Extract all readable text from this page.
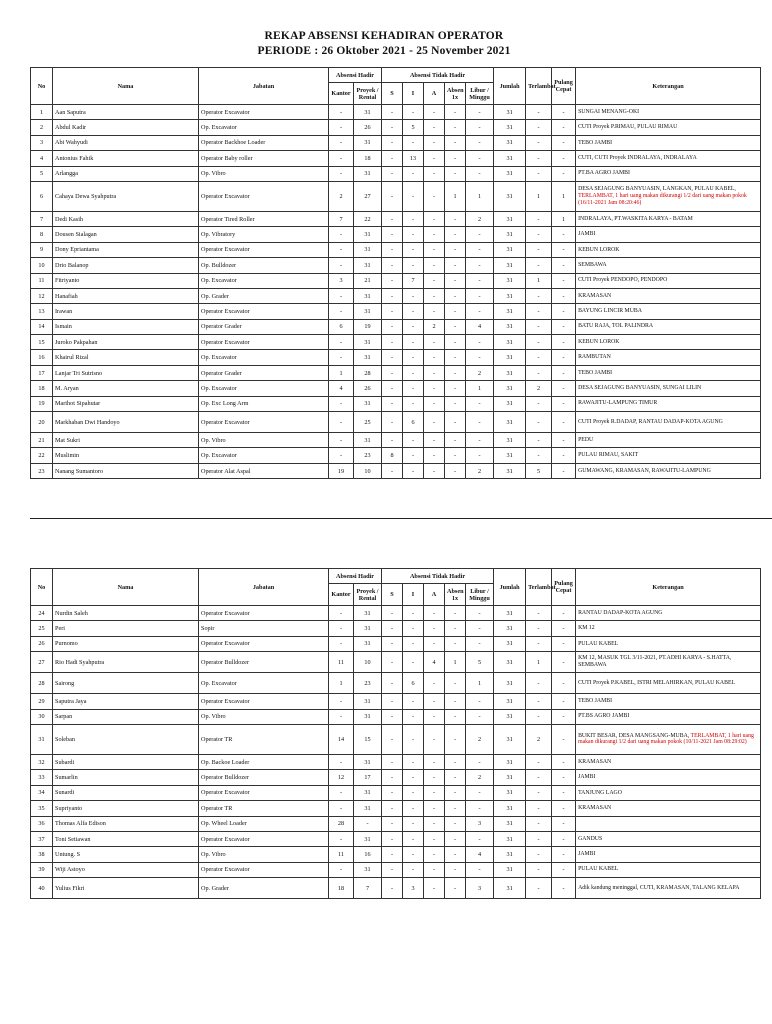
REKAP ABSENSI KEHADIRAN OPERATOR
PERIODE : 26 Oktober 2021 - 25 November 2021
No	Nama	Jabatan	Absensi Hadir		Absensi Tidak Hadir					Jumlah	Terlambat	Pulang Cepat	Keterangan
			Kantor	Proyek / Rental	S	I	A	Absen 1x	Libur / Minggu				
1	Aan Saputra	Operator Excavator	-	31	-	-	-	-	-	31	-	-	SUNGAI MENANG-OKI
2	Abdul Kadir	Op. Excavator	-	26	-	5	-	-	-	31	-	-	CUTI Proyek P.RIMAU, PULAU RIMAU
3	Abi Wahyudi	Operator Backhoe Loader	-	31	-	-	-	-	-	31	-	-	TEBO JAMBI
4	Antonius Fahik	Operator Baby roller	-	18	-	13	-	-	-	31	-	-	CUTI, CUTI Proyek INDRALAYA, INDRALAYA
5	Arlangga	Op. Vibro	-	31	-	-	-	-	-	31	-	-	PT.BA AGRO JAMBI
6	Cahaya Dewa Syahputra	Operator Excavator	2	27	-	-	-	1	1	31	1	1	DESA SEJAGUNG BANYUASIN, LANGKAN, PULAU KABEL, TERLAMBAT, 1 hari uang makan dikurangi 1/2 dari uang makan pokok (16/11-2021 Jam 08:20:46)
7	Dedi Kasih	Operator Tired Roller	7	22	-	-	-	-	2	31	-	1	INDRALAYA, PT.WASKITA KARYA - BATAM
8	Dousen Sialagan	Op. Vibratory	-	31	-	-	-	-	-	31	-	-	JAMBI
9	Dony Epriantama	Operator Excavator	-	31	-	-	-	-	-	31	-	-	KEBUN LOROK
10	Drio Balanop	Op. Bulldozer	-	31	-	-	-	-	-	31	-	-	SEMBAWA
11	Fitriyanto	Op. Excavator	3	21	-	7	-	-	-	31	1	-	CUTI Proyek PENDOPO, PENDOPO
12	Hanafiah	Op. Grader	-	31	-	-	-	-	-	31	-	-	KRAMASAN
13	Irawan	Operator Excavator	-	31	-	-	-	-	-	31	-	-	BAYUNG LINCIR MUBA
14	Ismain	Operator Grader	6	19	-	-	2	-	4	31	-	-	BATU RAJA, TOL PALINDRA
15	Juroko Pakpahan	Operator Excavator	-	31	-	-	-	-	-	31	-	-	KEBUN LOROK
16	Khairul Rizal	Op. Excavator	-	31	-	-	-	-	-	31	-	-	RAMBUTAN
17	Lanjar Tri Sutrisno	Operator Grader	1	28	-	-	-	-	2	31	-	-	TEBO JAMBI
18	M. Aryan	Op. Excavator	4	26	-	-	-	-	1	31	2	-	DESA SEJAGUNG BANYUASIN, SUNGAI LILIN
19	Marihot Sipahutar	Op. Exc Long Arm	-	31	-	-	-	-	-	31	-	-	RAWAJITU-LAMPUNG TIMUR
20	Markhaban Dwi Handoyo	Operator Excavator	-	25	-	6	-	-	-	31	-	-	CUTI Proyek R.DADAP, RANTAU DADAP-KOTA AGUNG
21	Mat Sukri	Op. Vibro	-	31	-	-	-	-	-	31	-	-	PEDU
22	Muslimin	Op. Excavator	-	23	8	-	-	-	-	31	-	-	PULAU RIMAU, SAKIT
23	Nanang Sumantoro	Operator Alat Aspal	19	10	-	-	-	-	2	31	5	-	GUMAWANG, KRAMASAN, RAWAJITU-LAMPUNG
No	Nama	Jabatan	Absensi Hadir		Absensi Tidak Hadir					Jumlah	Terlambat	Pulang Cepat	Keterangan
			Kantor	Proyek / Rental	S	I	A	Absen 1x	Libur / Minggu				
24	Nurdin Saleh	Operator Excavator	-	31	-	-	-	-	-	31	-	-	RANTAU DADAP-KOTA AGUNG
25	Peri	Sopir	-	31	-	-	-	-	-	31	-	-	KM 12
26	Purnomo	Operator Excavator	-	31	-	-	-	-	-	31	-	-	PULAU KABEL
27	Rio Hadi Syahputra	Operator Bulldozer	11	10	-	-	4	1	5	31	1	-	KM 12, MASUK TGL 3/11-2021, PT.ADHI KARYA - S.HATTA, SEMBAWA
28	Sairong	Op. Excavator	1	23	-	6	-	-	1	31	-	-	CUTI Proyek P.KABEL, ISTRI MELAHIRKAN, PULAU KABEL
29	Saputra Jaya	Operator Excavator	-	31	-	-	-	-	-	31	-	-	TEBO JAMBI
30	Sarpan	Op. Vibro	-	31	-	-	-	-	-	31	-	-	PT.BS AGRO JAMBI
31	Soleban	Operator TR	14	15	-	-	-	-	2	31	2	-	BUKIT BESAR, DESA MANGSANG-MUBA, TERLAMBAT, 1 hari uang makan dikurangi 1/2 dari uang makan pokok (10/11-2021 Jam 08:29:02)
32	Subardi	Op. Backoe Loader	-	31	-	-	-	-	-	31	-	-	KRAMASAN
33	Sumarlin	Operator Bulldozer	12	17	-	-	-	-	2	31	-	-	JAMBI
34	Sunardi	Operator Excavator	-	31	-	-	-	-	-	31	-	-	TANJUNG LAGO
35	Supriyanto	Operator TR	-	31	-	-	-	-	-	31	-	-	KRAMASAN
36	Thomas Alfa Edison	Op. Wheel Loader	28	-	-	-	-	-	3	31	-	-	
37	Toni Setiawan	Operator Excavator	-	31	-	-	-	-	-	31	-	-	GANDUS
38	Untung. S	Op. Vibro	11	16	-	-	-	-	4	31	-	-	JAMBI
39	Wiji Astoyo	Operator Excavator	-	31	-	-	-	-	-	31	-	-	PULAU KABEL
40	Yulius Fikri	Op. Grader	18	7	-	3	-	-	3	31	-	-	Adik kandung meninggal, CUTI, KRAMASAN, TALANG KELAPA
